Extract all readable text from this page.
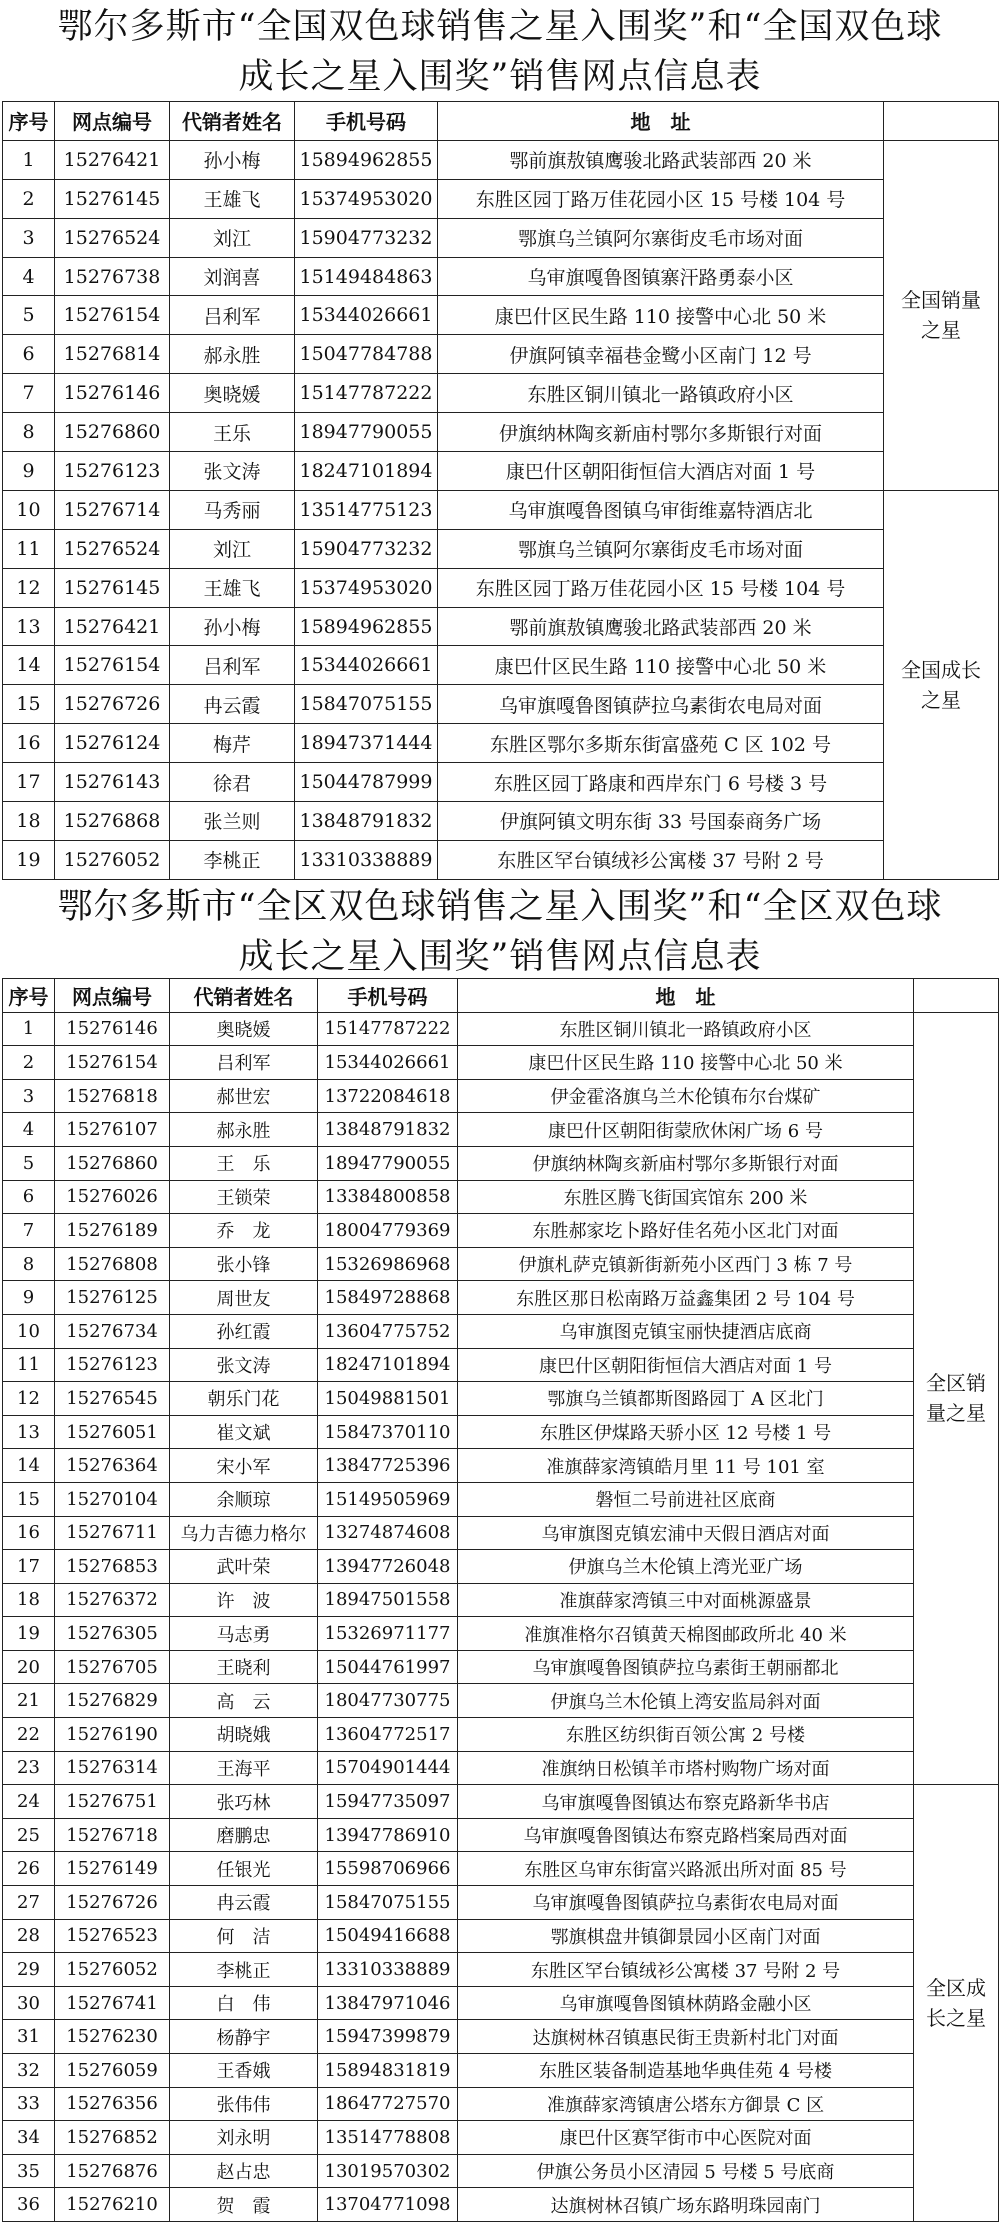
鄂尔多斯市“全国双色球销售之星入围奖”和“全国双色球
成长之星入围奖”销售网点信息表
序号	网点编号	代销者姓名	手机号码	地　址	
1	15276421	孙小梅	15894962855	鄂前旗敖镇鹰骏北路武装部西 20 米	全国销量
之星

2	15276145	王雄飞	15374953020	东胜区园丁路万佳花园小区 15 号楼 104 号	
3	15276524	刘江	15904773232	鄂旗乌兰镇阿尔寨街皮毛市场对面	
4	15276738	刘润喜	15149484863	乌审旗嘎鲁图镇寨汗路勇泰小区	
5	15276154	吕利军	15344026661	康巴什区民生路 110 接警中心北 50 米	
6	15276814	郝永胜	15047784788	伊旗阿镇幸福巷金鹭小区南门 12 号	
7	15276146	奥晓媛	15147787222	东胜区铜川镇北一路镇政府小区	
8	15276860	王乐	18947790055	伊旗纳林陶亥新庙村鄂尔多斯银行对面	
9	15276123	张文涛	18247101894	康巴什区朝阳街恒信大酒店对面 1 号	
10	15276714	马秀丽	13514775123	乌审旗嘎鲁图镇乌审街维嘉特酒店北	全国成长
之星

11	15276524	刘江	15904773232	鄂旗乌兰镇阿尔寨街皮毛市场对面	
12	15276145	王雄飞	15374953020	东胜区园丁路万佳花园小区 15 号楼 104 号	
13	15276421	孙小梅	15894962855	鄂前旗敖镇鹰骏北路武装部西 20 米	
14	15276154	吕利军	15344026661	康巴什区民生路 110 接警中心北 50 米	
15	15276726	冉云霞	15847075155	乌审旗嘎鲁图镇萨拉乌素街农电局对面	
16	15276124	梅芹	18947371444	东胜区鄂尔多斯东街富盛苑 C 区 102 号	
17	15276143	徐君	15044787999	东胜区园丁路康和西岸东门 6 号楼 3 号	
18	15276868	张兰则	13848791832	伊旗阿镇文明东街 33 号国泰商务广场	
19	15276052	李桃正	13310338889	东胜区罕台镇绒衫公寓楼 37 号附 2 号	
鄂尔多斯市“全区双色球销售之星入围奖”和“全区双色球
成长之星入围奖”销售网点信息表
序号	网点编号	代销者姓名	手机号码	地　址	
1	15276146	奥晓媛	15147787222	东胜区铜川镇北一路镇政府小区	全区销
量之星

2	15276154	吕利军	15344026661	康巴什区民生路 110 接警中心北 50 米	
3	15276818	郝世宏	13722084618	伊金霍洛旗乌兰木伦镇布尔台煤矿	
4	15276107	郝永胜	13848791832	康巴什区朝阳街蒙欣休闲广场 6 号	
5	15276860	王　乐	18947790055	伊旗纳林陶亥新庙村鄂尔多斯银行对面	
6	15276026	王锁荣	13384800858	东胜区腾飞街国宾馆东 200 米	
7	15276189	乔　龙	18004779369	东胜郝家圪卜路好佳名苑小区北门对面	
8	15276808	张小锋	15326986968	伊旗札萨克镇新街新苑小区西门 3 栋 7 号	
9	15276125	周世友	15849728868	东胜区那日松南路万益鑫集团 2 号 104 号	
10	15276734	孙红霞	13604775752	乌审旗图克镇宝丽快捷酒店底商	
11	15276123	张文涛	18247101894	康巴什区朝阳街恒信大酒店对面 1 号	
12	15276545	朝乐门花	15049881501	鄂旗乌兰镇都斯图路园丁 A 区北门	
13	15276051	崔文斌	15847370110	东胜区伊煤路天骄小区 12 号楼 1 号	
14	15276364	宋小军	13847725396	准旗薛家湾镇皓月里 11 号 101 室	
15	15270104	余顺琼	15149505969	磐恒二号前进社区底商	
16	15276711	乌力吉德力格尔	13274874608	乌审旗图克镇宏浦中天假日酒店对面	
17	15276853	武叶荣	13947726048	伊旗乌兰木伦镇上湾光亚广场	
18	15276372	许　波	18947501558	准旗薛家湾镇三中对面桃源盛景	
19	15276305	马志勇	15326971177	准旗准格尔召镇黄天棉图邮政所北 40 米	
20	15276705	王晓利	15044761997	乌审旗嘎鲁图镇萨拉乌素街王朝丽都北	
21	15276829	高　云	18047730775	伊旗乌兰木伦镇上湾安监局斜对面	
22	15276190	胡晓娥	13604772517	东胜区纺织街百领公寓 2 号楼	
23	15276314	王海平	15704901444	准旗纳日松镇羊市塔村购物广场对面	
24	15276751	张巧林	15947735097	乌审旗嘎鲁图镇达布察克路新华书店	全区成
长之星

25	15276718	磨鹏忠	13947786910	乌审旗嘎鲁图镇达布察克路档案局西对面	
26	15276149	任银光	15598706966	东胜区乌审东街富兴路派出所对面 85 号	
27	15276726	冉云霞	15847075155	乌审旗嘎鲁图镇萨拉乌素街农电局对面	
28	15276523	何　洁	15049416688	鄂旗棋盘井镇御景园小区南门对面	
29	15276052	李桃正	13310338889	东胜区罕台镇绒衫公寓楼 37 号附 2 号	
30	15276741	白　伟	13847971046	乌审旗嘎鲁图镇林荫路金融小区	
31	15276230	杨静宇	15947399879	达旗树林召镇惠民街王贵新村北门对面	
32	15276059	王香娥	15894831819	东胜区装备制造基地华典佳苑 4 号楼	
33	15276356	张伟伟	18647727570	准旗薛家湾镇唐公塔东方御景 C 区	
34	15276852	刘永明	13514778808	康巴什区赛罕街市中心医院对面	
35	15276876	赵占忠	13019570302	伊旗公务员小区清园 5 号楼 5 号底商	
36	15276210	贺　霞	13704771098	达旗树林召镇广场东路明珠园南门	
